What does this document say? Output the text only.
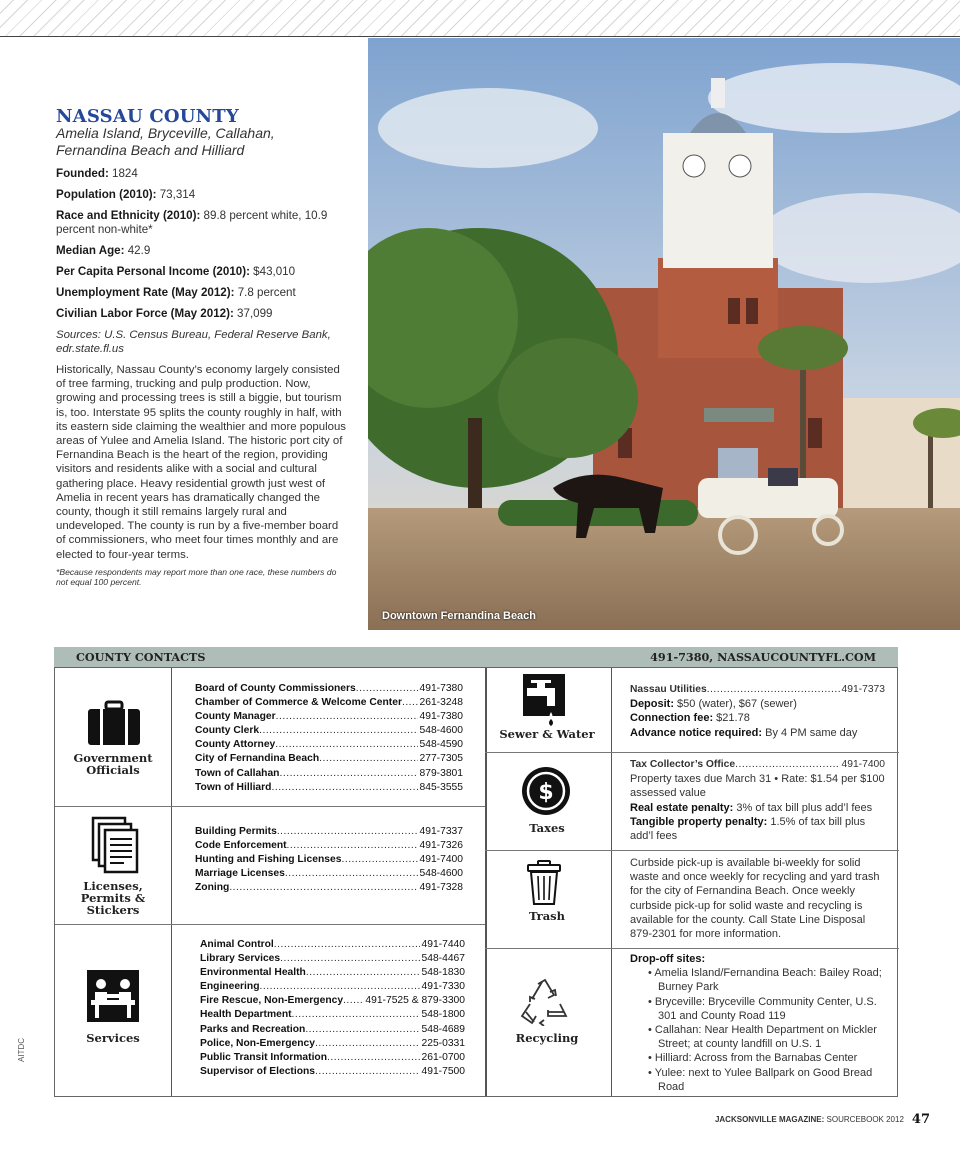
NASSAU COUNTY
Amelia Island, Bryceville, Callahan, Fernandina Beach and Hilliard
Founded: 1824
Population (2010): 73,314
Race and Ethnicity (2010): 89.8 percent white, 10.9 percent non-white*
Median Age: 42.9
Per Capita Personal Income (2010): $43,010
Unemployment Rate (May 2012): 7.8 percent
Civilian Labor Force (May 2012): 37,099
Sources: U.S. Census Bureau, Federal Reserve Bank, edr.state.fl.us

Historically, Nassau County’s economy largely consisted of tree farming, trucking and pulp production. Now, growing and processing trees is still a biggie, but tourism is, too. Interstate 95 splits the county roughly in half, with its eastern side claiming the wealthier and more populous areas of Yulee and Amelia Island. The historic port city of Fernandina Beach is the heart of the region, providing visitors and residents alike with a social and cultural gathering place. Heavy residential growth just west of Amelia in recent years has dramatically changed the county, though it still remains largely rural and undeveloped. The county is run by a five-member board of commissioners, who meet four times monthly and are elected to four-year terms.

*Because respondents may report more than one race, these numbers do not equal 100 percent.

Downtown Fernandina Beach
COUNTY CONTACTS	491-7380, NASSAUCOUNTYFL.COM
Government Officials
Board of County Commissioners .....	491-7380
Chamber of Commerce & Welcome Center ..... 261-3248
County Manager .....	491-7380
County Clerk .....	548-4600
County Attorney .....	548-4590
City of Fernandina Beach .....	277-7305
Town of Callahan .....	879-3801
Town of Hilliard .....	845-3555
Licenses, Permits & Stickers
Building Permits .....	491-7337
Code Enforcement .....	491-7326
Hunting and Fishing Licenses .....	491-7400
Marriage Licenses .....	548-4600
Zoning .....	491-7328
Services
Animal Control .....	491-7440
Library Services .....	548-4467
Environmental Health .....	548-1830
Engineering .....	491-7330
Fire Rescue, Non-Emergency ..... 491-7525 & 879-3300
Health Department .....	548-1800
Parks and Recreation .....	548-4689
Police, Non-Emergency .....	225-0331
Public Transit Information .....	261-0700
Supervisor of Elections .....	491-7500
Sewer & Water
Nassau Utilities .....	491-7373
Deposit: $50 (water), $67 (sewer)
Connection fee: $21.78
Advance notice required: By 4 PM same day
$
Taxes
Tax Collector’s Office .....	491-7400
Property taxes due March 31 • Rate: $1.54 per $100 assessed value
Real estate penalty: 3% of tax bill plus add’l fees
Tangible property penalty: 1.5% of tax bill plus add’l fees
Trash
Curbside pick-up is available bi-weekly for solid waste and once weekly for recycling and yard trash for the city of Fernandina Beach. Once weekly curbside pick-up for solid waste and recycling is available for the county. Call State Line Disposal 879-2301 for more information.
Recycling
Drop-off sites:
• Amelia Island/Fernandina Beach: Bailey Road; Burney Park
• Bryceville: Bryceville Community Center, U.S. 301 and County Road 119
• Callahan: Near Health Department on Mickler Street; at county landfill on U.S. 1
• Hilliard: Across from the Barnabas Center
• Yulee: next to Yulee Ballpark on Good Bread Road
AITDC
JACKSONVILLE MAGAZINE: SOURCEBOOK 2012 47
